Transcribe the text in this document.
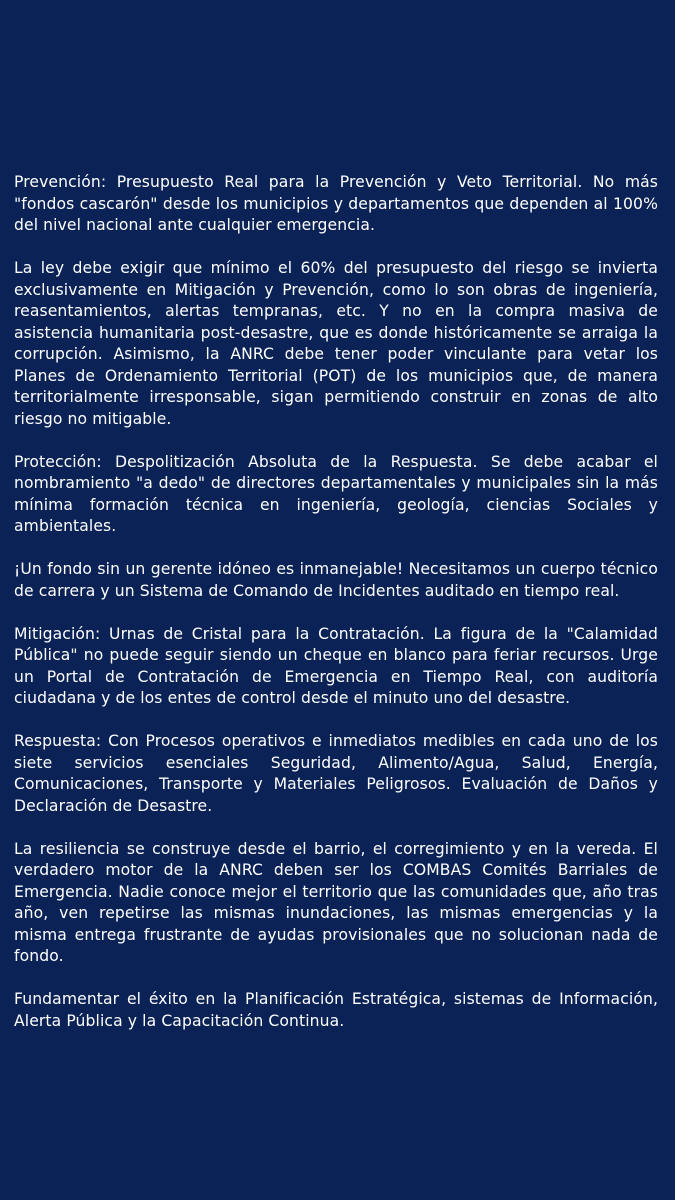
Prevención: Presupuesto Real para la Prevención y Veto Territorial. No más "fondos cascarón" desde los municipios y departamentos que dependen al 100% del nivel nacional ante cualquier emergencia.

La ley debe exigir que mínimo el 60% del presupuesto del riesgo se invierta exclusivamente en Mitigación y Prevención, como lo son obras de ingeniería, reasentamientos, alertas tempranas, etc. Y no en la compra masiva de asistencia humanitaria post-desastre, que es donde históricamente se arraiga la corrupción. Asimismo, la ANRC debe tener poder vinculante para vetar los Planes de Ordenamiento Territorial (POT) de los municipios que, de manera territorialmente irresponsable, sigan permitiendo construir en zonas de alto riesgo no mitigable.

Protección: Despolitización Absoluta de la Respuesta. Se debe acabar el nombramiento "a dedo" de directores departamentales y municipales sin la más mínima formación técnica en ingeniería, geología, ciencias Sociales y ambientales.

¡Un fondo sin un gerente idóneo es inmanejable! Necesitamos un cuerpo técnico de carrera y un Sistema de Comando de Incidentes auditado en tiempo real.

Mitigación: Urnas de Cristal para la Contratación. La figura de la "Calamidad Pública" no puede seguir siendo un cheque en blanco para feriar recursos. Urge un Portal de Contratación de Emergencia en Tiempo Real, con auditoría ciudadana y de los entes de control desde el minuto uno del desastre.

Respuesta: Con Procesos operativos e inmediatos medibles en cada uno de los siete servicios esenciales Seguridad, Alimento/Agua, Salud, Energía, Comunicaciones, Transporte y Materiales Peligrosos. Evaluación de Daños y Declaración de Desastre.

La resiliencia se construye desde el barrio, el corregimiento y en la vereda. El verdadero motor de la ANRC deben ser los COMBAS Comités Barriales de Emergencia. Nadie conoce mejor el territorio que las comunidades que, año tras año, ven repetirse las mismas inundaciones, las mismas emergencias y la misma entrega frustrante de ayudas provisionales que no solucionan nada de fondo.

Fundamentar el éxito en la Planificación Estratégica, sistemas de Información, Alerta Pública y la Capacitación Continua.
